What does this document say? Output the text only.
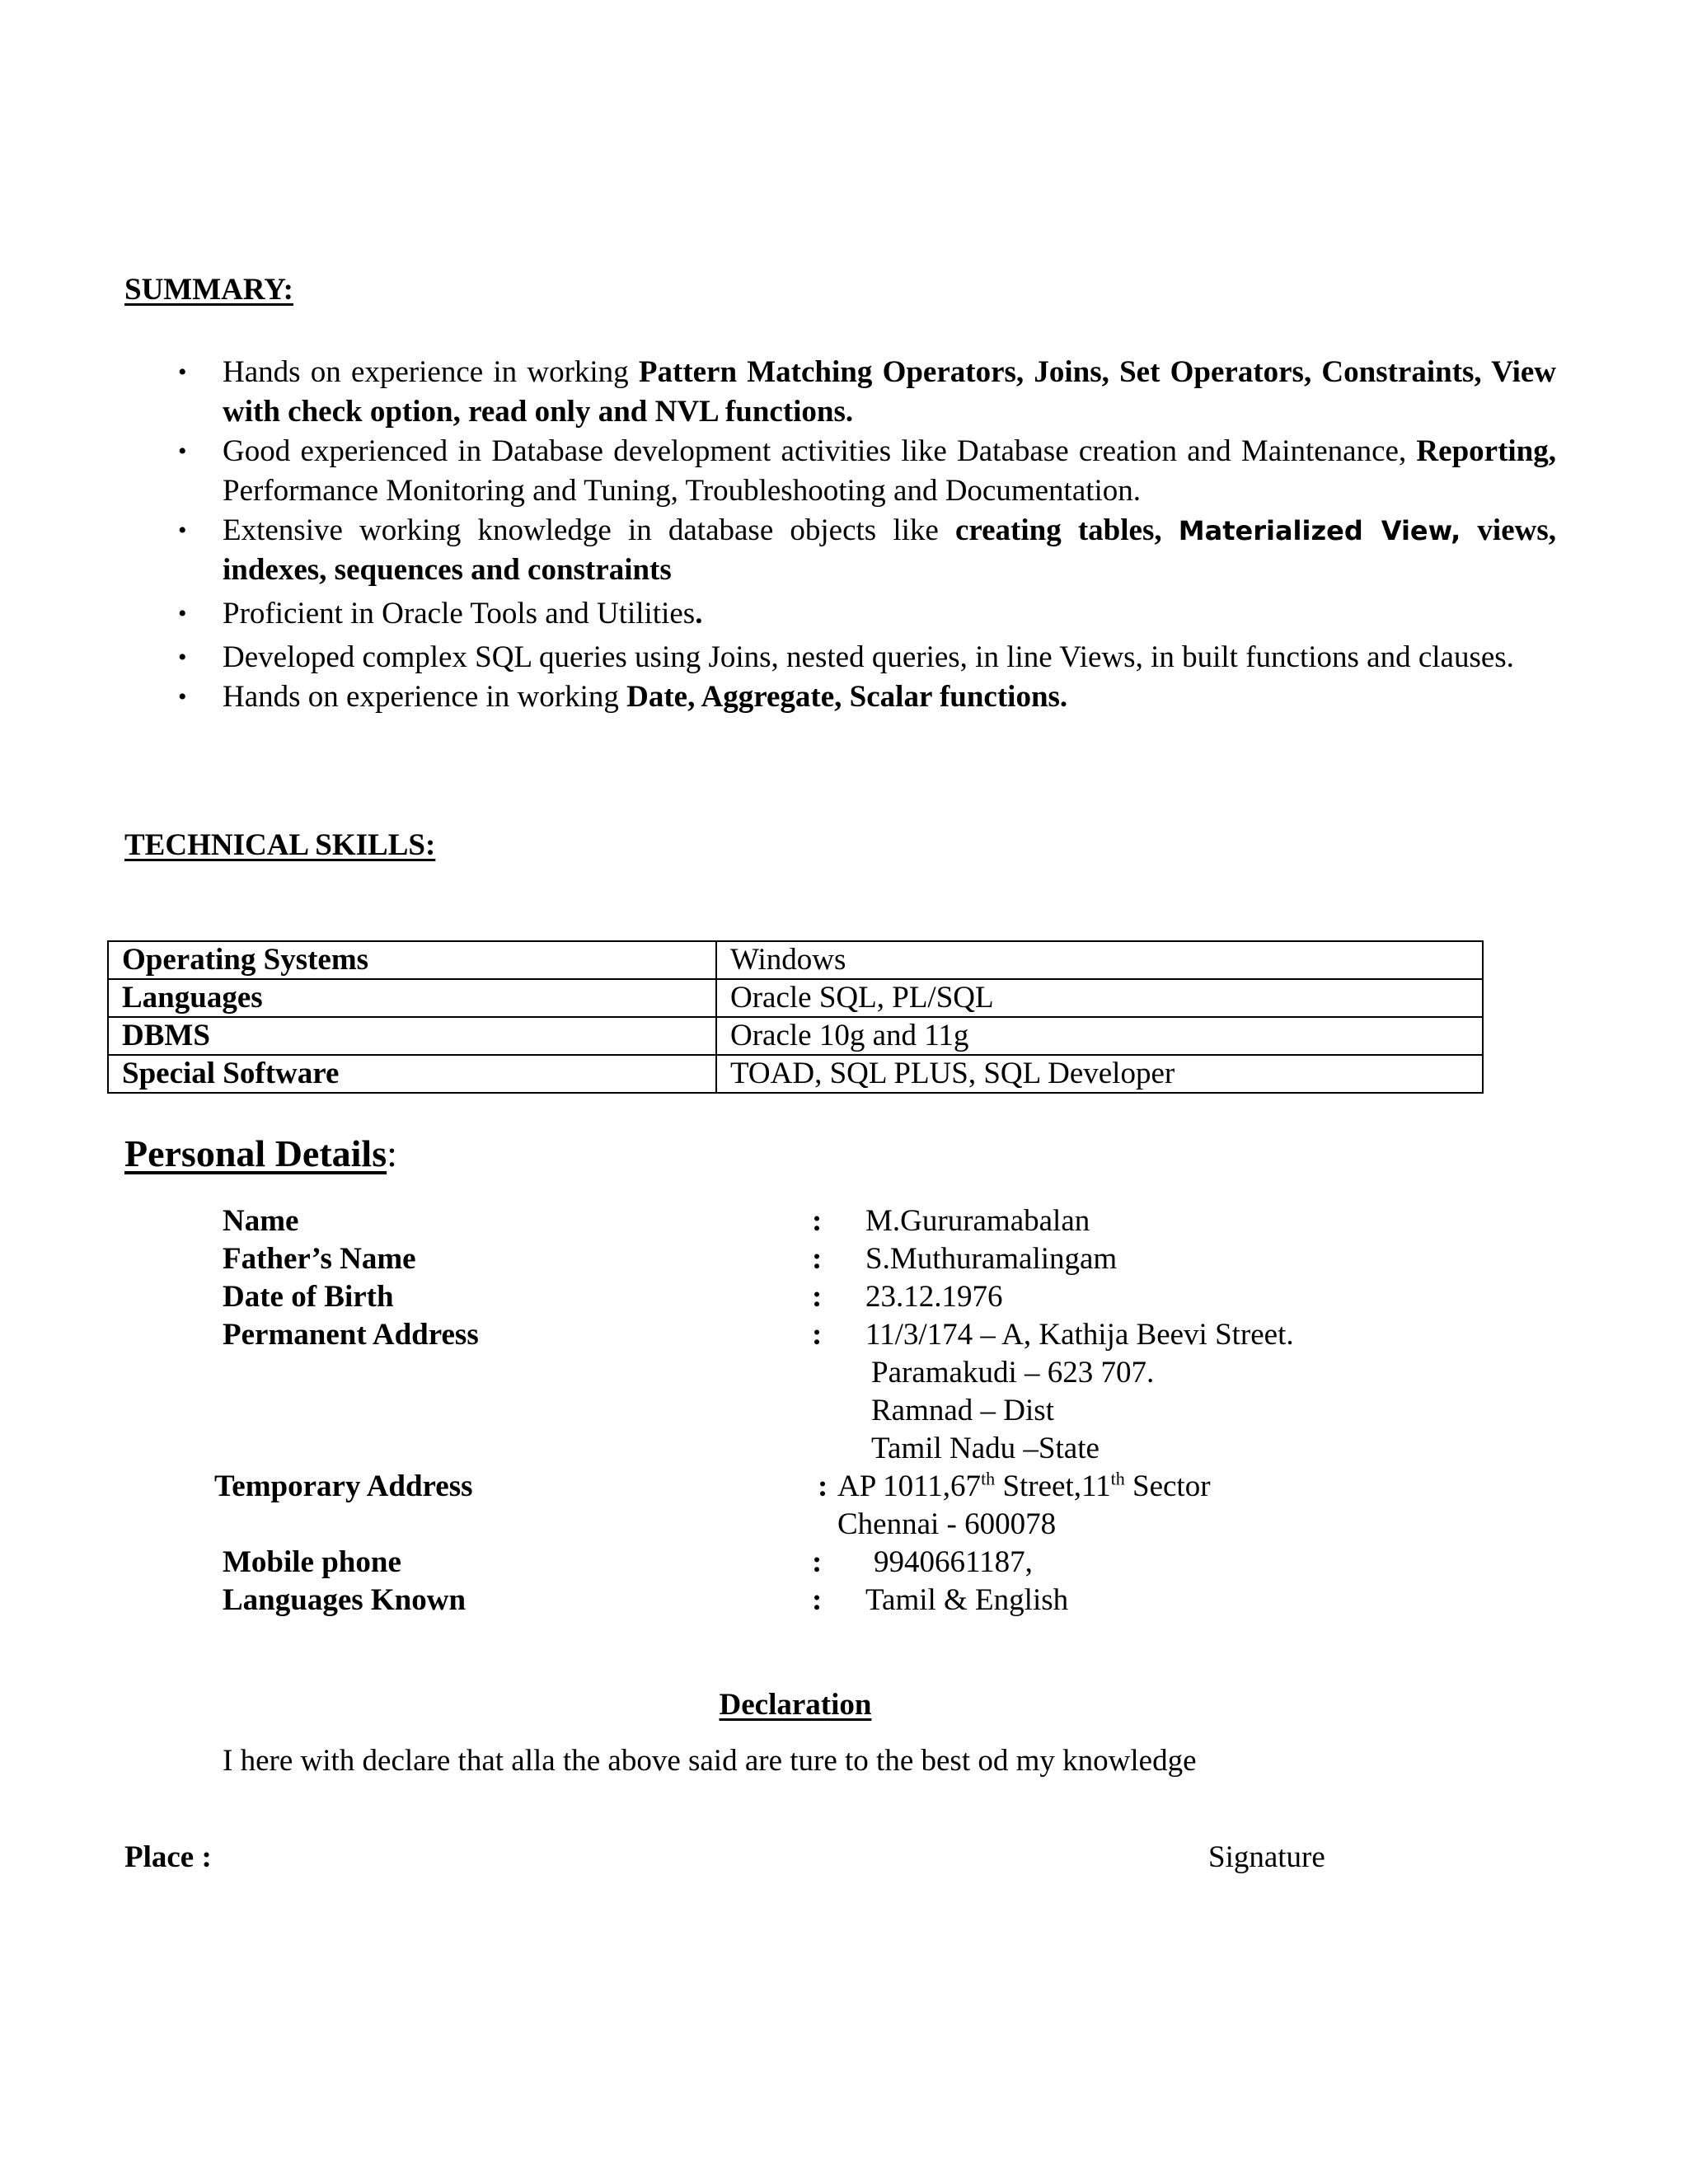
SUMMARY:
• Hands on experience in working Pattern Matching Operators, Joins, Set Operators, Constraints, View with check option, read only and NVL functions.
• Good experienced in Database development activities like Database creation and Maintenance, Reporting, Performance Monitoring and Tuning, Troubleshooting and Documentation.
• Extensive working knowledge in database objects like creating tables, Materialized View, views, indexes, sequences and constraints
• Proficient in Oracle Tools and Utilities.
• Developed complex SQL queries using Joins, nested queries, in line Views, in built functions and clauses.
• Hands on experience in working Date, Aggregate, Scalar functions.
TECHNICAL SKILLS:
Operating Systems	Windows
Languages	Oracle SQL, PL/SQL
DBMS	Oracle 10g and 11g
Special Software	TOAD, SQL PLUS, SQL Developer
Personal Details:
Name	: M.Gururamabalan
Father’s Name	: S.Muthuramalingam
Date of Birth	: 23.12.1976
Permanent Address	: 11/3/174 – A, Kathija Beevi Street.
Paramakudi – 623 707.
Ramnad – Dist
Tamil Nadu –State
Temporary Address	: AP 1011,67th Street,11th Sector
Chennai - 600078
Mobile phone	: 9940661187,
Languages Known	: Tamil & English
Declaration
I here with declare that alla the above said are ture to the best od my knowledge
Place :	Signature
